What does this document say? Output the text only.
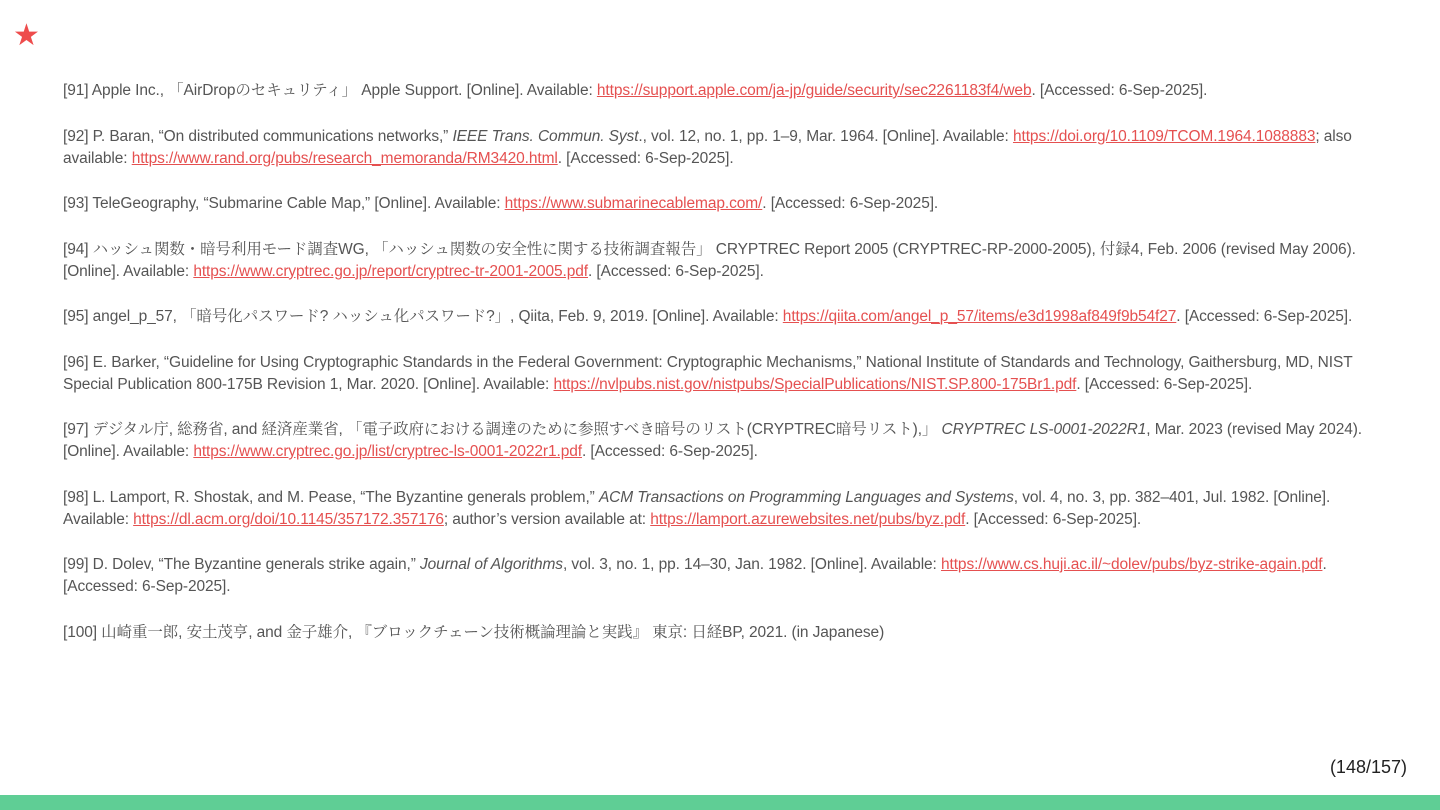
★
[91] Apple Inc., 「AirDropのセキュリティ」 Apple Support. [Online]. Available: https://support.apple.com/ja-jp/guide/security/sec2261183f4/web. [Accessed: 6-Sep-2025].
[92] P. Baran, “On distributed communications networks,” IEEE Trans. Commun. Syst., vol. 12, no. 1, pp. 1–9, Mar. 1964. [Online]. Available: https://doi.org/10.1109/TCOM.1964.1088883; also available: https://www.rand.org/pubs/research_memoranda/RM3420.html. [Accessed: 6-Sep-2025].
[93] TeleGeography, “Submarine Cable Map,” [Online]. Available: https://www.submarinecablemap.com/. [Accessed: 6-Sep-2025].
[94] ハッシュ関数・暗号利用モード調査WG, 「ハッシュ関数の安全性に関する技術調査報告」 CRYPTREC Report 2005 (CRYPTREC-RP-2000-2005), 付録4, Feb. 2006 (revised May 2006). [Online]. Available: https://www.cryptrec.go.jp/report/cryptrec-tr-2001-2005.pdf. [Accessed: 6-Sep-2025].
[95] angel_p_57, 「暗号化パスワード? ハッシュ化パスワード?」, Qiita, Feb. 9, 2019. [Online]. Available: https://qiita.com/angel_p_57/items/e3d1998af849f9b54f27. [Accessed: 6-Sep-2025].
[96] E. Barker, “Guideline for Using Cryptographic Standards in the Federal Government: Cryptographic Mechanisms,” National Institute of Standards and Technology, Gaithersburg, MD, NIST Special Publication 800-175B Revision 1, Mar. 2020. [Online]. Available: https://nvlpubs.nist.gov/nistpubs/SpecialPublications/NIST.SP.800-175Br1.pdf. [Accessed: 6-Sep-2025].
[97] デジタル庁, 総務省, and 経済産業省, 「電子政府における調達のために参照すべき暗号のリスト(CRYPTREC暗号リスト),」 CRYPTREC LS-0001-2022R1, Mar. 2023 (revised May 2024). [Online]. Available: https://www.cryptrec.go.jp/list/cryptrec-ls-0001-2022r1.pdf. [Accessed: 6-Sep-2025].
[98] L. Lamport, R. Shostak, and M. Pease, “The Byzantine generals problem,” ACM Transactions on Programming Languages and Systems, vol. 4, no. 3, pp. 382–401, Jul. 1982. [Online]. Available: https://dl.acm.org/doi/10.1145/357172.357176; author’s version available at: https://lamport.azurewebsites.net/pubs/byz.pdf. [Accessed: 6-Sep-2025].
[99] D. Dolev, “The Byzantine generals strike again,” Journal of Algorithms, vol. 3, no. 1, pp. 14–30, Jan. 1982. [Online]. Available: https://www.cs.huji.ac.il/~dolev/pubs/byz-strike-again.pdf. [Accessed: 6-Sep-2025].
[100] 山崎重一郎, 安土茂亨, and 金子雄介, 『ブロックチェーン技術概論理論と実践』 東京: 日経BP, 2021. (in Japanese)
(148/157)
